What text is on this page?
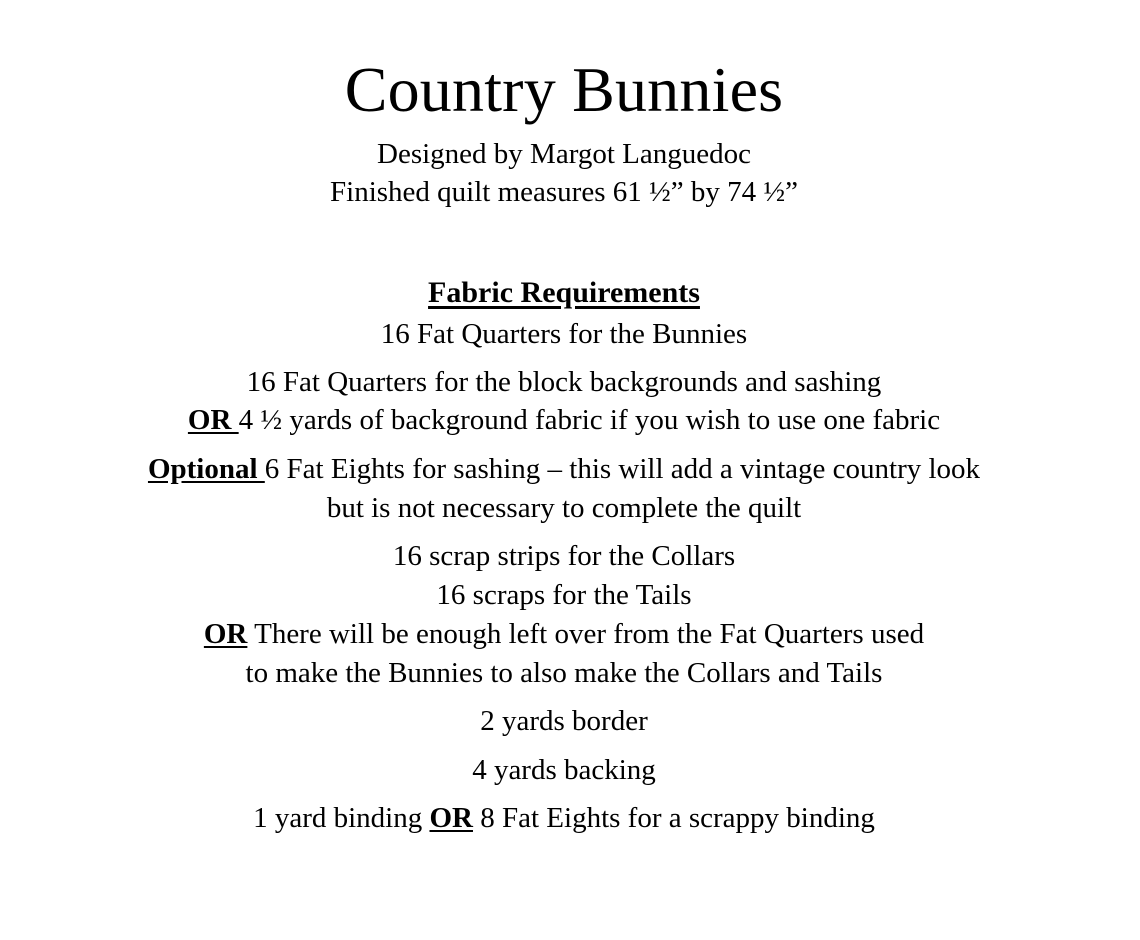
Country Bunnies
Designed by Margot Languedoc
Finished quilt measures 61 ½” by 74 ½”
Fabric Requirements
16 Fat Quarters for the Bunnies
16 Fat Quarters for the block backgrounds and sashing
OR 4 ½ yards of background fabric if you wish to use one fabric
Optional 6 Fat Eights for sashing – this will add a vintage country look
but is not necessary to complete the quilt
16 scrap strips for the Collars
16 scraps for the Tails
OR There will be enough left over from the Fat Quarters used
to make the Bunnies to also make the Collars and Tails
2 yards border
4 yards backing
1 yard binding OR 8 Fat Eights for a scrappy binding
